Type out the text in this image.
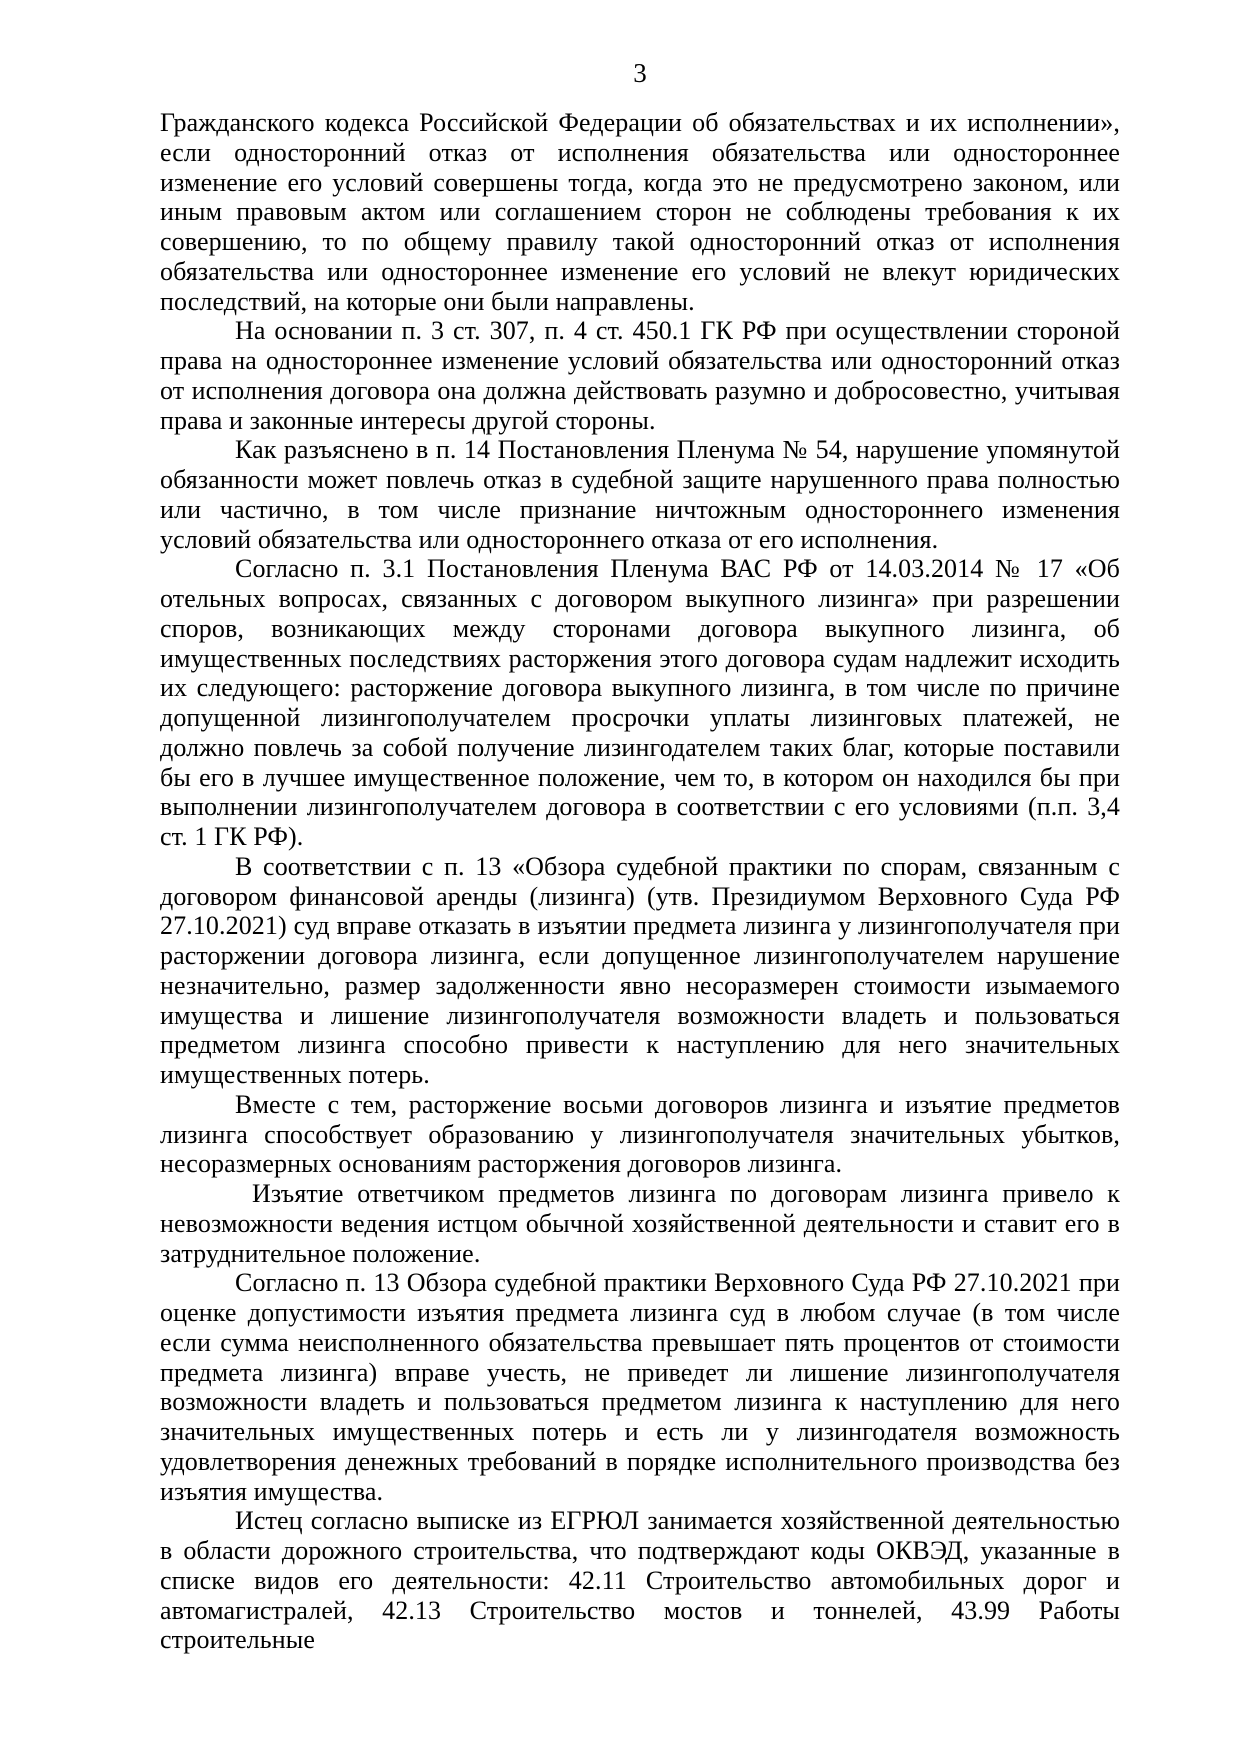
3

Гражданского кодекса Российской Федерации об обязательствах и их исполнении», если односторонний отказ от исполнения обязательства или одностороннее изменение его условий совершены тогда, когда это не предусмотрено законом, или иным правовым актом или соглашением сторон не соблюдены требования к их совершению, то по общему правилу такой односторонний отказ от исполнения обязательства или одностороннее изменение его условий не влекут юридических последствий, на которые они были направлены.

На основании п. 3 ст. 307, п. 4 ст. 450.1 ГК РФ при осуществлении стороной права на одностороннее изменение условий обязательства или односторонний отказ от исполнения договора она должна действовать разумно и добросовестно, учитывая права и законные интересы другой стороны.

Как разъяснено в п. 14 Постановления Пленума № 54, нарушение упомянутой обязанности может повлечь отказ в судебной защите нарушенного права полностью или частично, в том числе признание ничтожным одностороннего изменения условий обязательства или одностороннего отказа от его исполнения.

Согласно п. 3.1 Постановления Пленума ВАС РФ от 14.03.2014 № 17 «Об отельных вопросах, связанных с договором выкупного лизинга» при разрешении споров, возникающих между сторонами договора выкупного лизинга, об имущественных последствиях расторжения этого договора судам надлежит исходить их следующего: расторжение договора выкупного лизинга, в том числе по причине допущенной лизингополучателем просрочки уплаты лизинговых платежей, не должно повлечь за собой получение лизингодателем таких благ, которые поставили бы его в лучшее имущественное положение, чем то, в котором он находился бы при выполнении лизингополучателем договора в соответствии с его условиями (п.п. 3,4 ст. 1 ГК РФ).

В соответствии с п. 13 «Обзора судебной практики по спорам, связанным с договором финансовой аренды (лизинга) (утв. Президиумом Верховного Суда РФ 27.10.2021) суд вправе отказать в изъятии предмета лизинга у лизингополучателя при расторжении договора лизинга, если допущенное лизингополучателем нарушение незначительно, размер задолженности явно несоразмерен стоимости изымаемого имущества и лишение лизингополучателя возможности владеть и пользоваться предметом лизинга способно привести к наступлению для него значительных имущественных потерь.

Вместе с тем, расторжение восьми договоров лизинга и изъятие предметов лизинга способствует образованию у лизингополучателя значительных убытков, несоразмерных основаниям расторжения договоров лизинга.

Изъятие ответчиком предметов лизинга по договорам лизинга привело к невозможности ведения истцом обычной хозяйственной деятельности и ставит его в затруднительное положение.

Согласно п. 13 Обзора судебной практики Верховного Суда РФ 27.10.2021 при оценке допустимости изъятия предмета лизинга суд в любом случае (в том числе если сумма неисполненного обязательства превышает пять процентов от стоимости предмета лизинга) вправе учесть, не приведет ли лишение лизингополучателя возможности владеть и пользоваться предметом лизинга к наступлению для него значительных имущественных потерь и есть ли у лизингодателя возможность удовлетворения денежных требований в порядке исполнительного производства без изъятия имущества.

Истец согласно выписке из ЕГРЮЛ занимается хозяйственной деятельностью в области дорожного строительства, что подтверждают коды ОКВЭД, указанные в списке видов его деятельности: 42.11 Строительство автомобильных дорог и автомагистралей, 42.13 Строительство мостов и тоннелей, 43.99 Работы строительные
